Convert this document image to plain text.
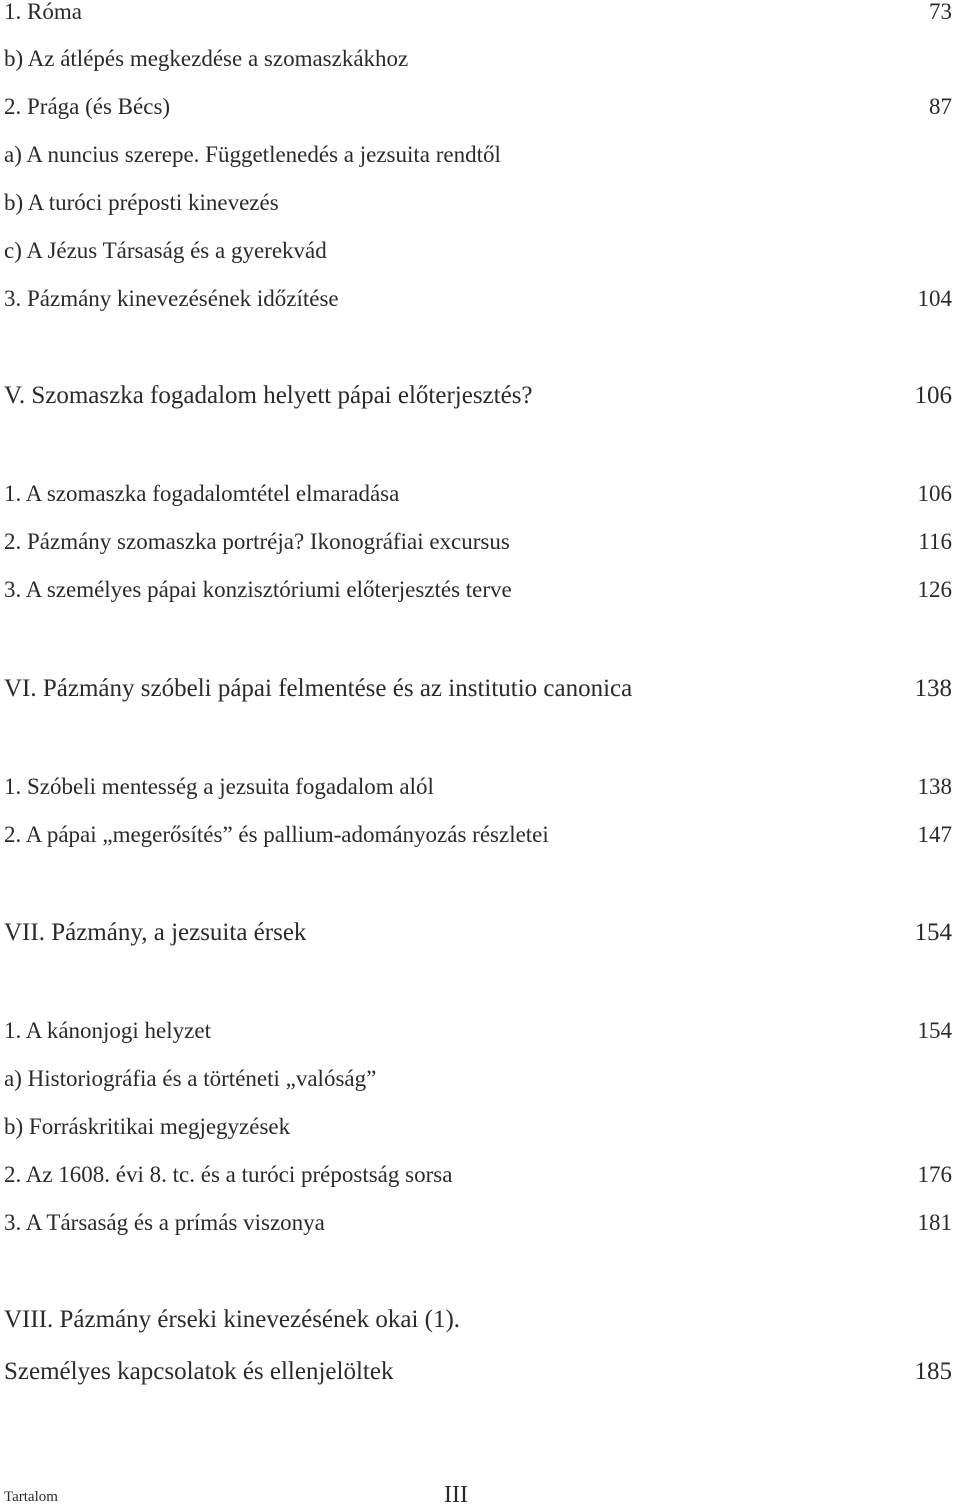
1. Róma	73
b) Az átlépés megkezdése a szomaszkákhoz
2. Prága (és Bécs)	87
a) A nuncius szerepe. Függetlenedés a jezsuita rendtől
b) A turóci préposti kinevezés
c) A Jézus Társaság és a gyerekvád
3. Pázmány kinevezésének időzítése	104
V. Szomaszka fogadalom helyett pápai előterjesztés?	106
1. A szomaszka fogadalomtétel elmaradása	106
2. Pázmány szomaszka portréja? Ikonográfiai excursus	116
3. A személyes pápai konzisztóriumi előterjesztés terve	126
VI. Pázmány szóbeli pápai felmentése és az institutio canonica	138
1. Szóbeli mentesség a jezsuita fogadalom alól	138
2. A pápai „megerősítés” és pallium-adományozás részletei	147
VII. Pázmány, a jezsuita érsek	154
1. A kánonjogi helyzet	154
a) Historiográfia és a történeti „valóság”
b) Forráskritikai megjegyzések
2. Az 1608. évi 8. tc. és a turóci prépostság sorsa	176
3. A Társaság és a prímás viszonya	181
VIII. Pázmány érseki kinevezésének okai (1).
Személyes kapcsolatok és ellenjelöltek	185
Tartalom	III
